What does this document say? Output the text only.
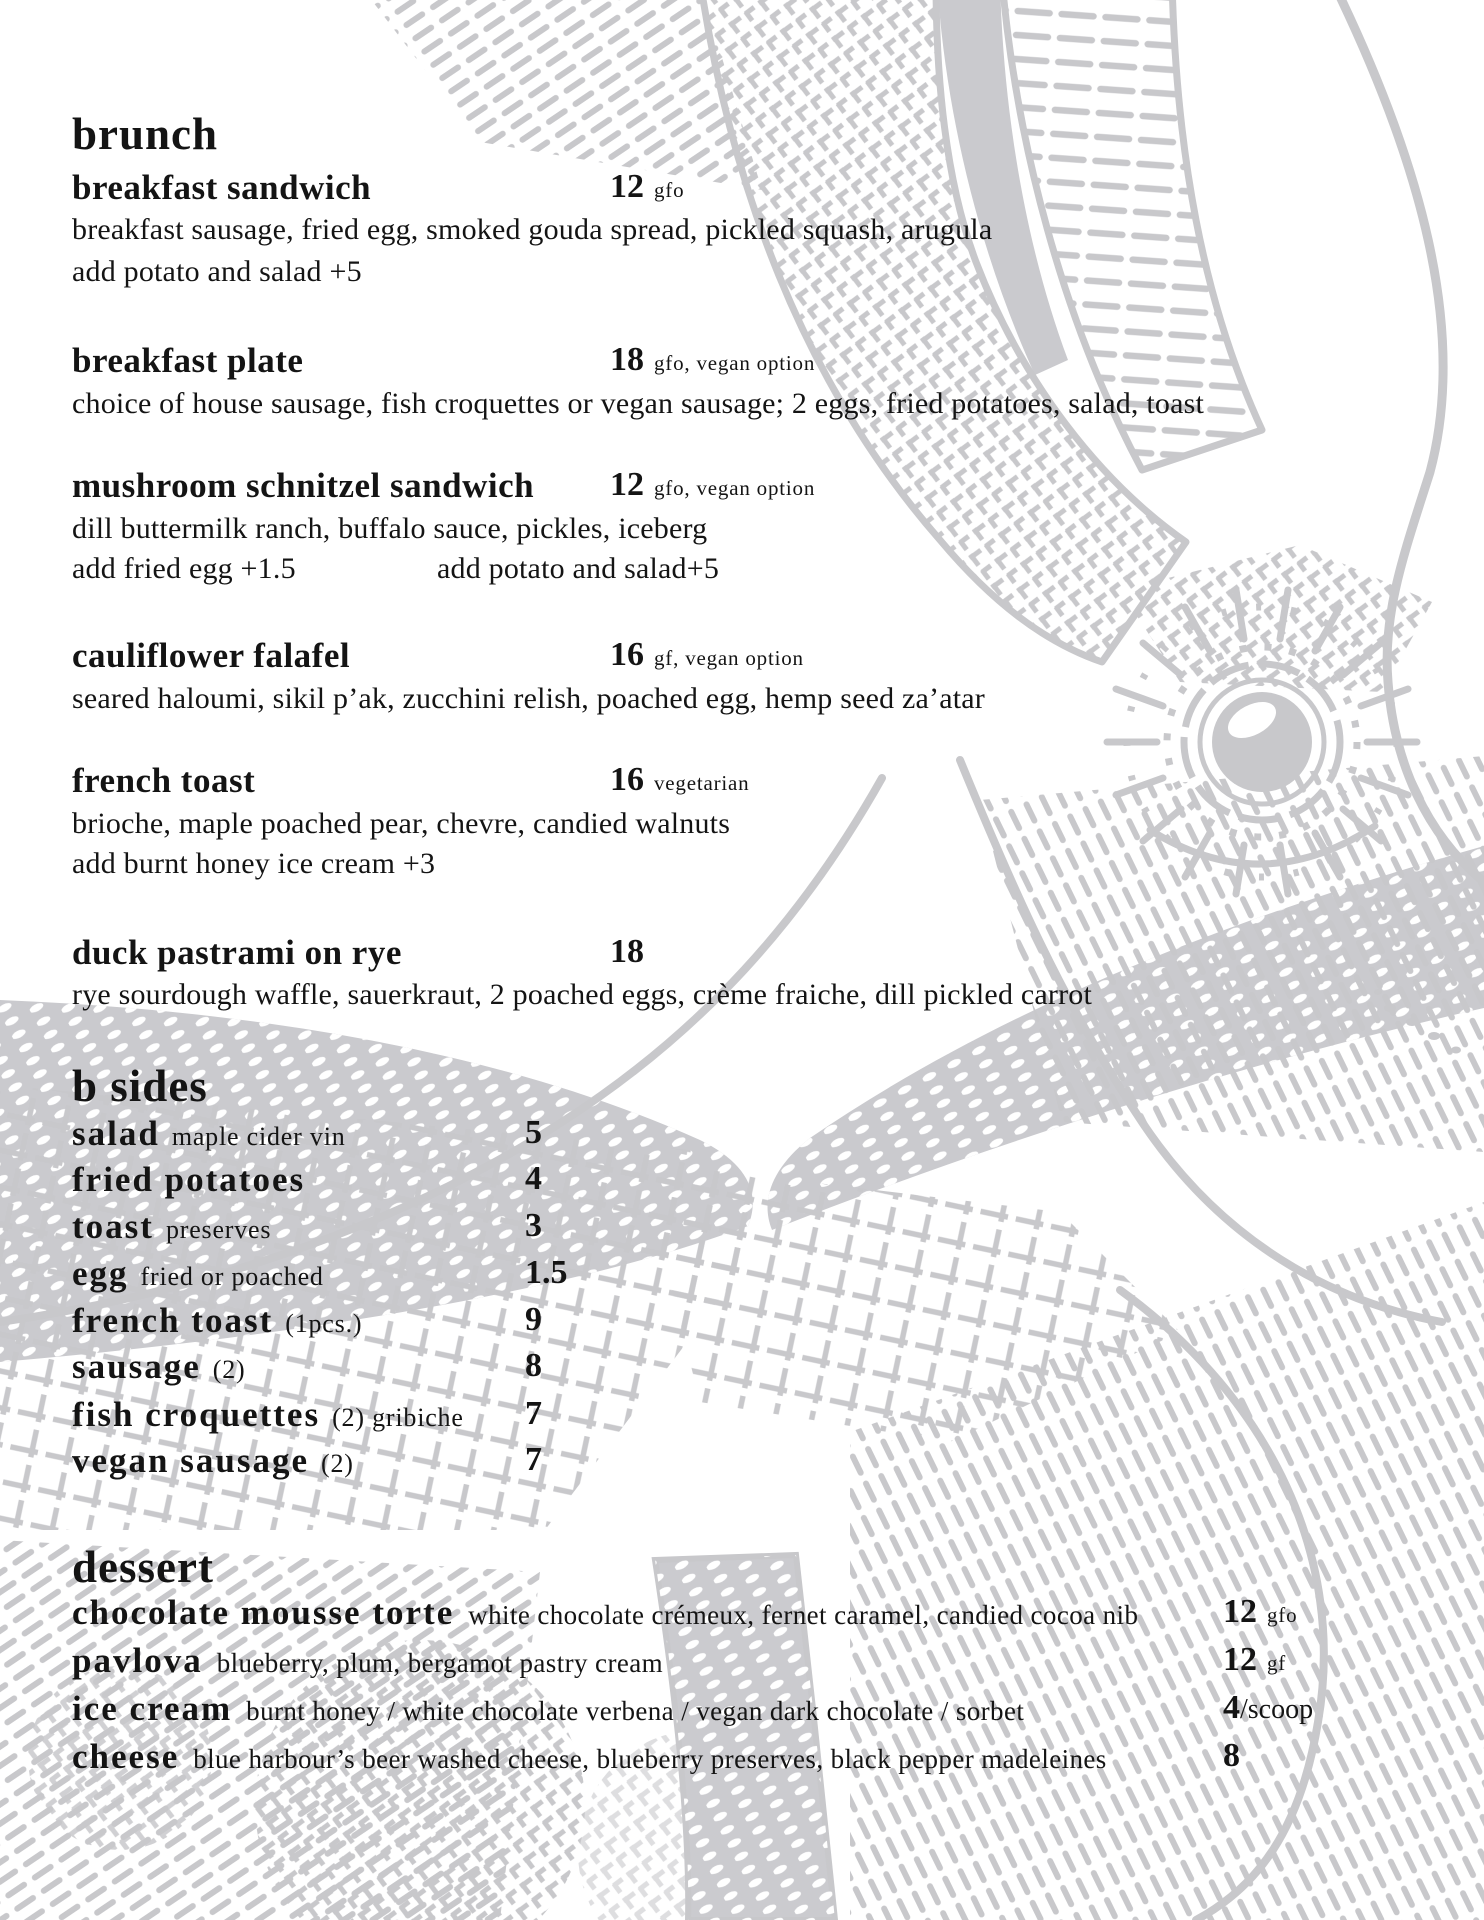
brunch
breakfast sandwich	12 gfo
breakfast sausage, fried egg, smoked gouda spread, pickled squash, arugula
add potato and salad +5
breakfast plate	18 gfo, vegan option
choice of house sausage, fish croquettes or vegan sausage; 2 eggs, fried potatoes, salad, toast
mushroom schnitzel sandwich 12 gfo, vegan option
dill buttermilk ranch, buffalo sauce, pickles, iceberg
add fried egg +1.5	add potato and salad+5
cauliflower falafel	16 gf, vegan option
seared haloumi, sikil p’ak, zucchini relish, poached egg, hemp seed za’atar
french toast	16 vegetarian
brioche, maple poached pear, chevre, candied walnuts
add burnt honey ice cream +3
duck pastrami on rye	18
rye sourdough waffle, sauerkraut, 2 poached eggs, crème fraiche, dill pickled carrot
b sides
salad maple cider vin	5
fried potatoes	4
toast preserves	3
egg fried or poached	1.5
french toast (1pcs.)	9
sausage (2)	8
fish croquettes (2) gribiche 7
vegan sausage (2)	7
dessert
chocolate mousse torte white chocolate crémeux, fernet caramel, candied cocoa nib 12 gfo
pavlova blueberry, plum, bergamot pastry cream	12 gf
ice cream burnt honey / white chocolate verbena / vegan dark chocolate / sorbet	4/scoop
cheese blue harbour’s beer washed cheese, blueberry preserves, black pepper madeleines	8
